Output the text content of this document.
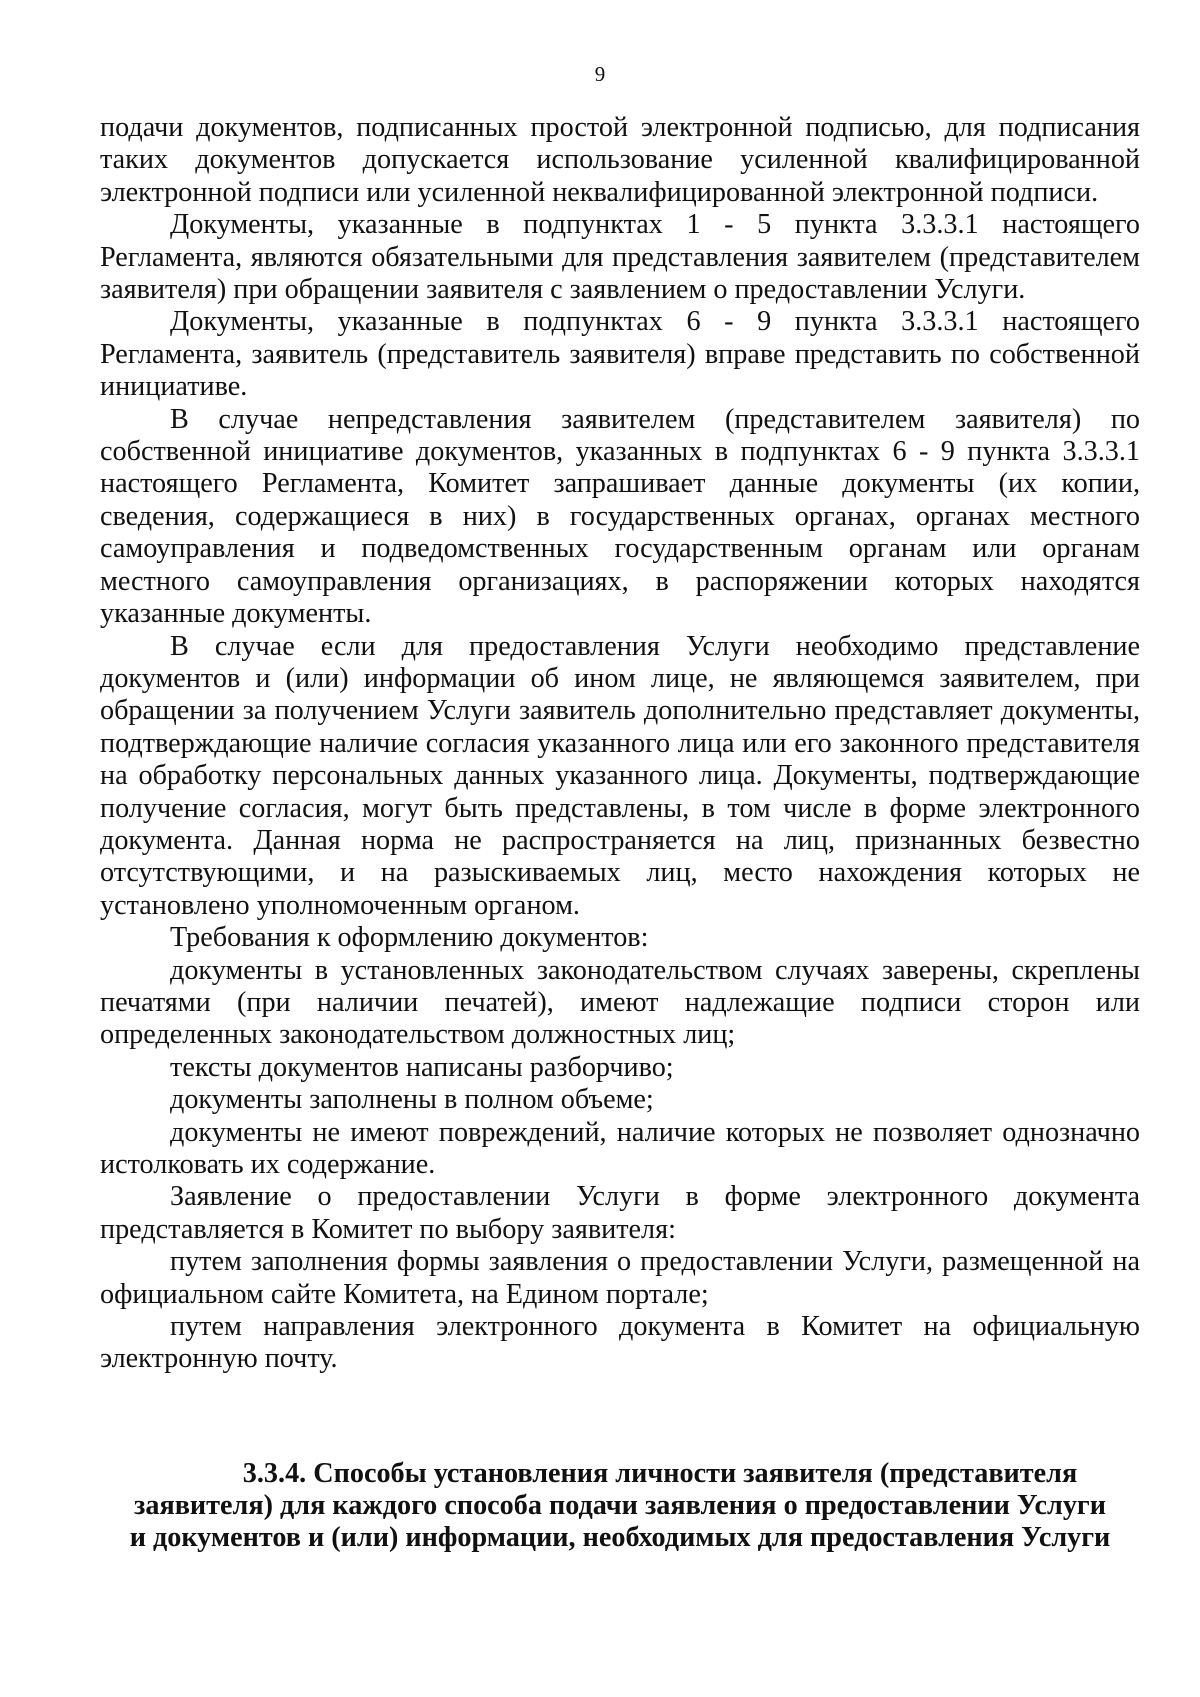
9

подачи документов, подписанных простой электронной подписью, для подписания таких документов допускается использование усиленной квалифицированной электронной подписи или усиленной неквалифицированной электронной подписи.

Документы, указанные в подпунктах 1 - 5 пункта 3.3.3.1 настоящего Регламента, являются обязательными для представления заявителем (представителем заявителя) при обращении заявителя с заявлением о предоставлении Услуги.

Документы, указанные в подпунктах 6 - 9 пункта 3.3.3.1 настоящего Регламента, заявитель (представитель заявителя) вправе представить по собственной инициативе.

В случае непредставления заявителем (представителем заявителя) по собственной инициативе документов, указанных в подпунктах 6 - 9 пункта 3.3.3.1 настоящего Регламента, Комитет запрашивает данные документы (их копии, сведения, содержащиеся в них) в государственных органах, органах местного самоуправления и подведомственных государственным органам или органам местного самоуправления организациях, в распоряжении которых находятся указанные документы.

В случае если для предоставления Услуги необходимо представление документов и (или) информации об ином лице, не являющемся заявителем, при обращении за получением Услуги заявитель дополнительно представляет документы, подтверждающие наличие согласия указанного лица или его законного представителя на обработку персональных данных указанного лица. Документы, подтверждающие получение согласия, могут быть представлены, в том числе в форме электронного документа. Данная норма не распространяется на лиц, признанных безвестно отсутствующими, и на разыскиваемых лиц, место нахождения которых не установлено уполномоченным органом.

Требования к оформлению документов:

документы в установленных законодательством случаях заверены, скреплены печатями (при наличии печатей), имеют надлежащие подписи сторон или определенных законодательством должностных лиц;

тексты документов написаны разборчиво;

документы заполнены в полном объеме;

документы не имеют повреждений, наличие которых не позволяет однозначно истолковать их содержание.

Заявление о предоставлении Услуги в форме электронного документа представляется в Комитет по выбору заявителя:

путем заполнения формы заявления о предоставлении Услуги, размещенной на официальном сайте Комитета, на Едином портале;

путем направления электронного документа в Комитет на официальную электронную почту.

3.3.4. Способы установления личности заявителя (представителя
заявителя) для каждого способа подачи заявления о предоставлении Услуги
и документов и (или) информации, необходимых для предоставления Услуги
